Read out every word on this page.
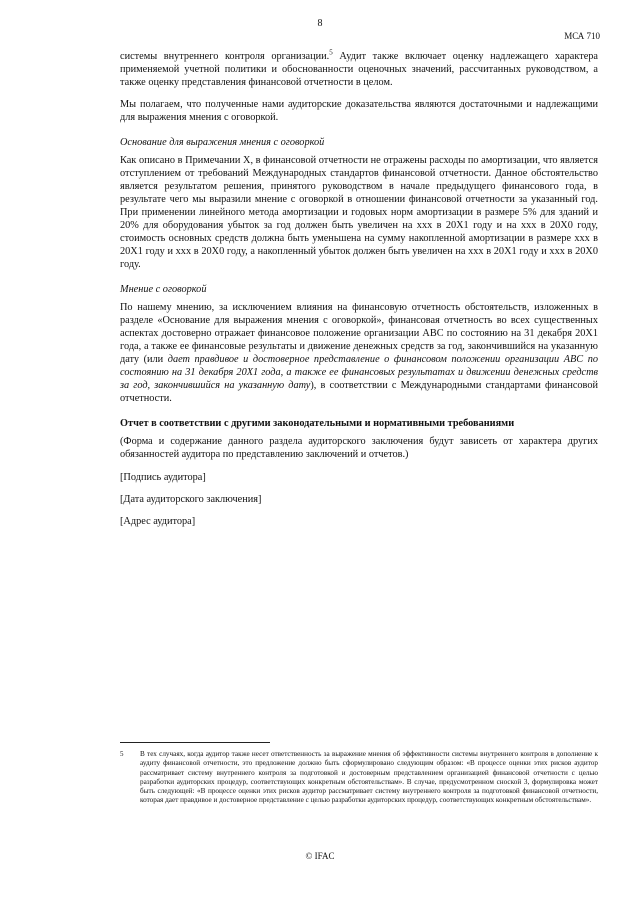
8
МСА 710

системы внутреннего контроля организации.$^5$ Аудит также включает оценку надлежащего характера применяемой учетной политики и обоснованности оценочных значений, рассчитанных руководством, а также оценку представления финансовой отчетности в целом.

Мы полагаем, что полученные нами аудиторские доказательства являются достаточными и надлежащими для выражения мнения с оговоркой.

Основание для выражения мнения с оговоркой

Как описано в Примечании X, в финансовой отчетности не отражены расходы по амортизации, что является отступлением от требований Международных стандартов финансовой отчетности. Данное обстоятельство является результатом решения, принятого руководством в начале предыдущего финансового года, в результате чего мы выразили мнение с оговоркой в отношении финансовой отчетности за указанный год. При применении линейного метода амортизации и годовых норм амортизации в размере 5% для зданий и 20% для оборудования убыток за год должен быть увеличен на xxx в 20X1 году и на xxx в 20X0 году, стоимость основных средств должна быть уменьшена на сумму накопленной амортизации в размере xxx в 20X1 году и xxx в 20X0 году, а накопленный убыток должен быть увеличен на xxx в 20X1 году и xxx в 20X0 году.

Мнение с оговоркой

По нашему мнению, за исключением влияния на финансовую отчетность обстоятельств, изложенных в разделе «Основание для выражения мнения с оговоркой», финансовая отчетность во всех существенных аспектах достоверно отражает финансовое положение организации ABC по состоянию на 31 декабря 20X1 года, а также ее финансовые результаты и движение денежных средств за год, закончившийся на указанную дату (или дает правдивое и достоверное представление о финансовом положении организации ABC по состоянию на 31 декабря 20X1 года, а также ее финансовых результатах и движении денежных средств за год, закончившийся на указанную дату), в соответствии с Международными стандартами финансовой отчетности.

Отчет в соответствии с другими законодательными и нормативными требованиями

(Форма и содержание данного раздела аудиторского заключения будут зависеть от характера других обязанностей аудитора по представлению заключений и отчетов.)

[Подпись аудитора]

[Дата аудиторского заключения]

[Адрес аудитора]

5 В тех случаях, когда аудитор также несет ответственность за выражение мнения об эффективности системы внутреннего контроля в дополнение к аудиту финансовой отчетности, это предложение должно быть сформулировано следующим образом: «В процессе оценки этих рисков аудитор рассматривает систему внутреннего контроля за подготовкой и достоверным представлением организацией финансовой отчетности с целью разработки аудиторских процедур, соответствующих конкретным обстоятельствам». В случае, предусмотренном сноской 3, формулировка может быть следующей: «В процессе оценки этих рисков аудитор рассматривает систему внутреннего контроля за подготовкой финансовой отчетности, которая дает правдивое и достоверное представление с целью разработки аудиторских процедур, соответствующих конкретным обстоятельствам».
© IFAC
